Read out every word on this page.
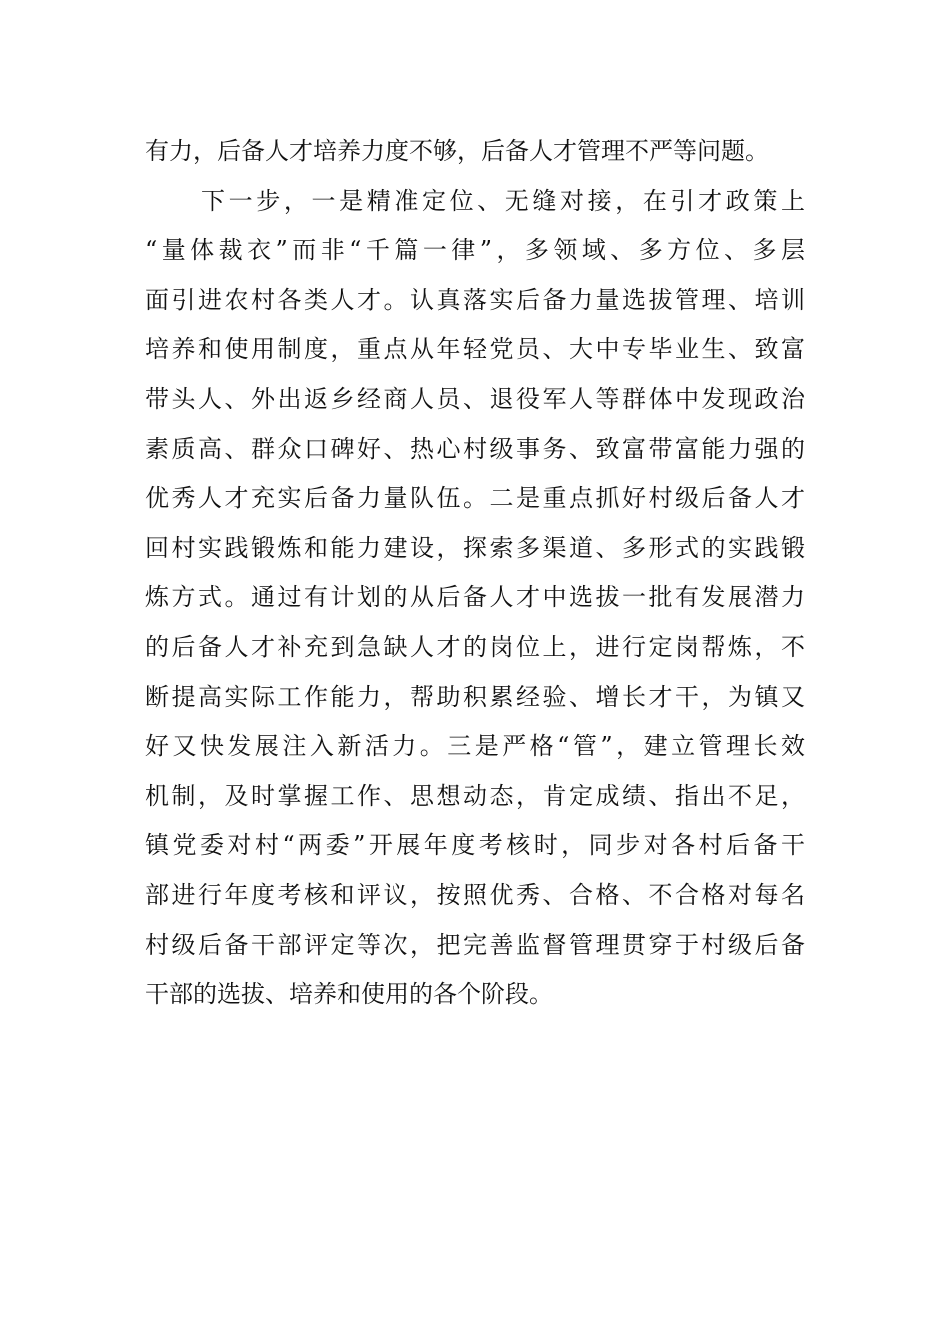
有力，后备人才培养力度不够，后备人才管理不严等问题。
下一步，一是精准定位、无缝对接，在引才政策上
“量体裁衣”而非“千篇一律”，多领域、多方位、多层
面引进农村各类人才。认真落实后备力量选拔管理、培训
培养和使用制度，重点从年轻党员、大中专毕业生、致富
带头人、外出返乡经商人员、退役军人等群体中发现政治
素质高、群众口碑好、热心村级事务、致富带富能力强的
优秀人才充实后备力量队伍。二是重点抓好村级后备人才
回村实践锻炼和能力建设，探索多渠道、多形式的实践锻
炼方式。通过有计划的从后备人才中选拔一批有发展潜力
的后备人才补充到急缺人才的岗位上，进行定岗帮炼，不
断提高实际工作能力，帮助积累经验、增长才干，为镇又
好又快发展注入新活力。三是严格“管”，建立管理长效
机制，及时掌握工作、思想动态，肯定成绩、指出不足，
镇党委对村“两委”开展年度考核时，同步对各村后备干
部进行年度考核和评议，按照优秀、合格、不合格对每名
村级后备干部评定等次，把完善监督管理贯穿于村级后备
干部的选拔、培养和使用的各个阶段。
